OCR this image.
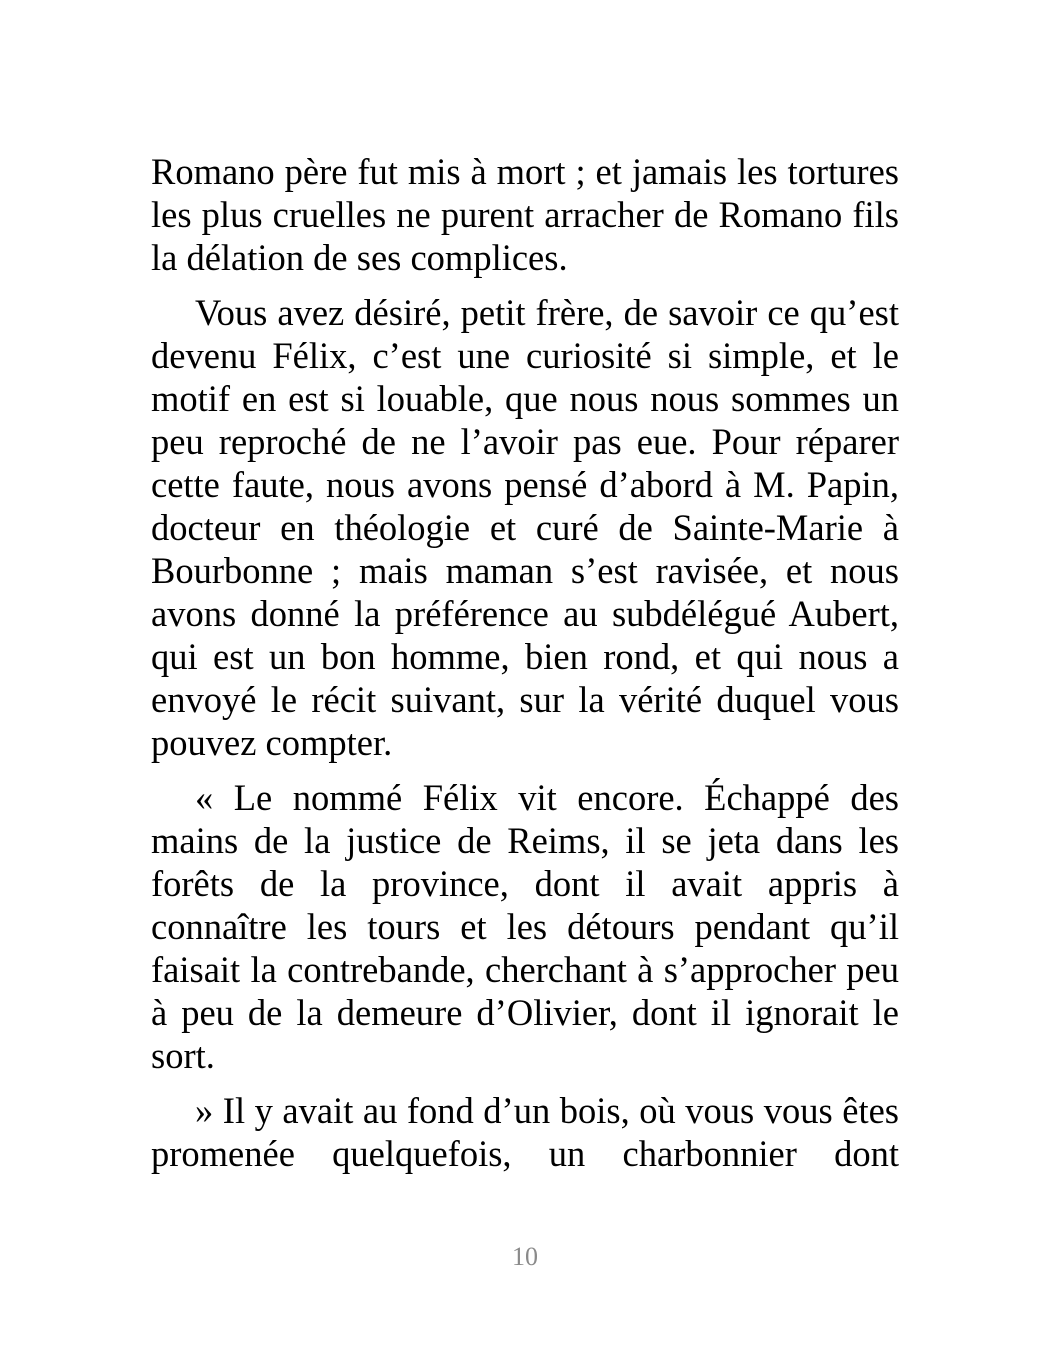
Romano père fut mis à mort ; et jamais les tortures les plus cruelles ne purent arracher de Romano fils la délation de ses complices.

Vous avez désiré, petit frère, de savoir ce qu’est devenu Félix, c’est une curiosité si simple, et le motif en est si louable, que nous nous sommes un peu reproché de ne l’avoir pas eue. Pour réparer cette faute, nous avons pensé d’abord à M. Papin, docteur en théologie et curé de Sainte-Marie à Bourbonne ; mais maman s’est ravisée, et nous avons donné la préférence au subdélégué Aubert, qui est un bon homme, bien rond, et qui nous a envoyé le récit suivant, sur la vérité duquel vous pouvez compter.

« Le nommé Félix vit encore. Échappé des mains de la justice de Reims, il se jeta dans les forêts de la province, dont il avait appris à connaître les tours et les détours pendant qu’il faisait la contrebande, cherchant à s’approcher peu à peu de la demeure d’Olivier, dont il ignorait le sort.

» Il y avait au fond d’un bois, où vous vous êtes promenée quelquefois, un charbonnier dont

10
